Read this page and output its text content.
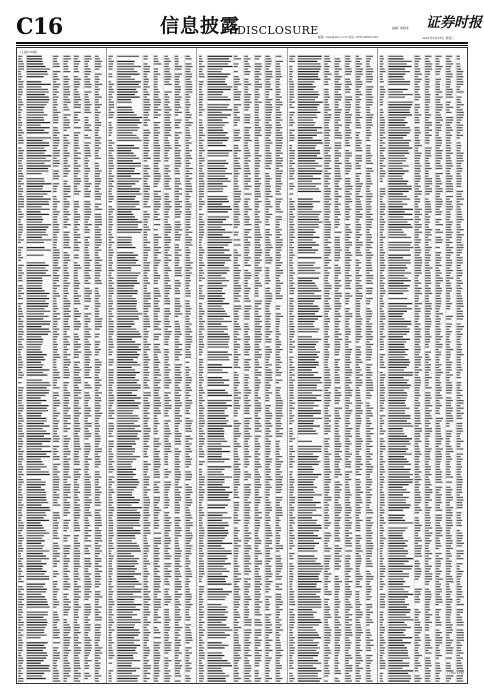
C16	信息披露
DISCLOSURE 邮箱: zqsb@stcn.com 电话: 0755-83501750
编辑: 施晓菲 证券时报
2021年9月28日 星期二
(上接C15版)
(下转C17版)
